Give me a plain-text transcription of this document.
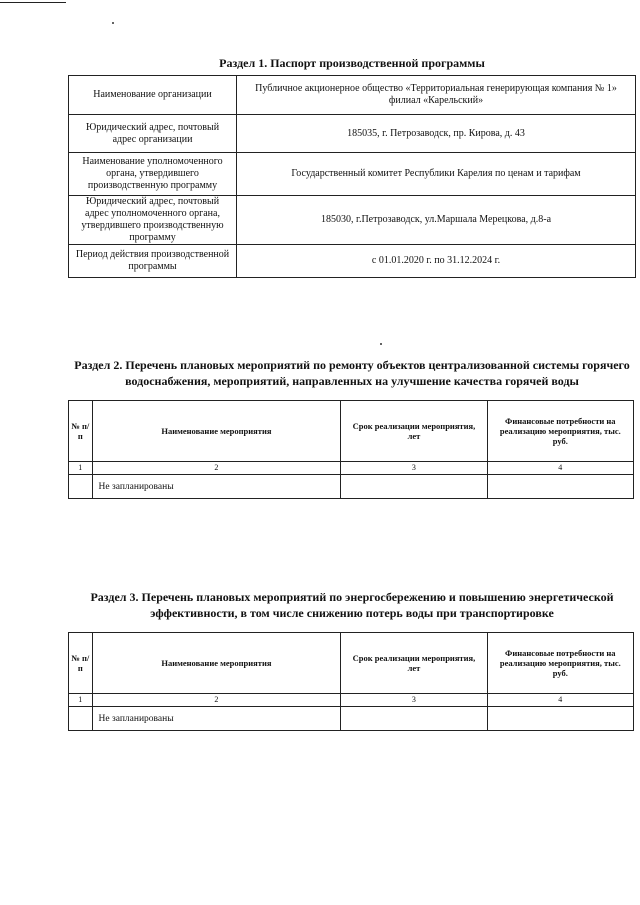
Раздел 1. Паспорт производственной программы
Наименование организации	Публичное акционерное общество «Территориальная генерирующая компания № 1» филиал «Карельский»
Юридический адрес, почтовый адрес организации	185035, г. Петрозаводск, пр. Кирова, д. 43
Наименование уполномоченного органа, утвердившего производственную программу	Государственный комитет Республики Карелия по ценам и тарифам
Юридический адрес, почтовый адрес уполномоченного органа, утвердившего производственную программу	185030, г.Петрозаводск, ул.Маршала Мерецкова, д.8-а
Период действия производственной программы	с 01.01.2020 г. по 31.12.2024 г.
Раздел 2. Перечень плановых мероприятий по ремонту объектов централизованной системы горячего водоснабжения, мероприятий, направленных на улучшение качества горячей воды
№ п/п	Наименование мероприятия	Срок реализации мероприятия, лет	Финансовые потребности на реализацию мероприятия, тыс. руб.
1	2	3	4
	Не запланированы		
Раздел 3. Перечень плановых мероприятий по энергосбережению и повышению энергетической эффективности, в том числе снижению потерь воды при транспортировке
№ п/п	Наименование мероприятия	Срок реализации мероприятия, лет	Финансовые потребности на реализацию мероприятия, тыс. руб.
1	2	3	4
	Не запланированы		
